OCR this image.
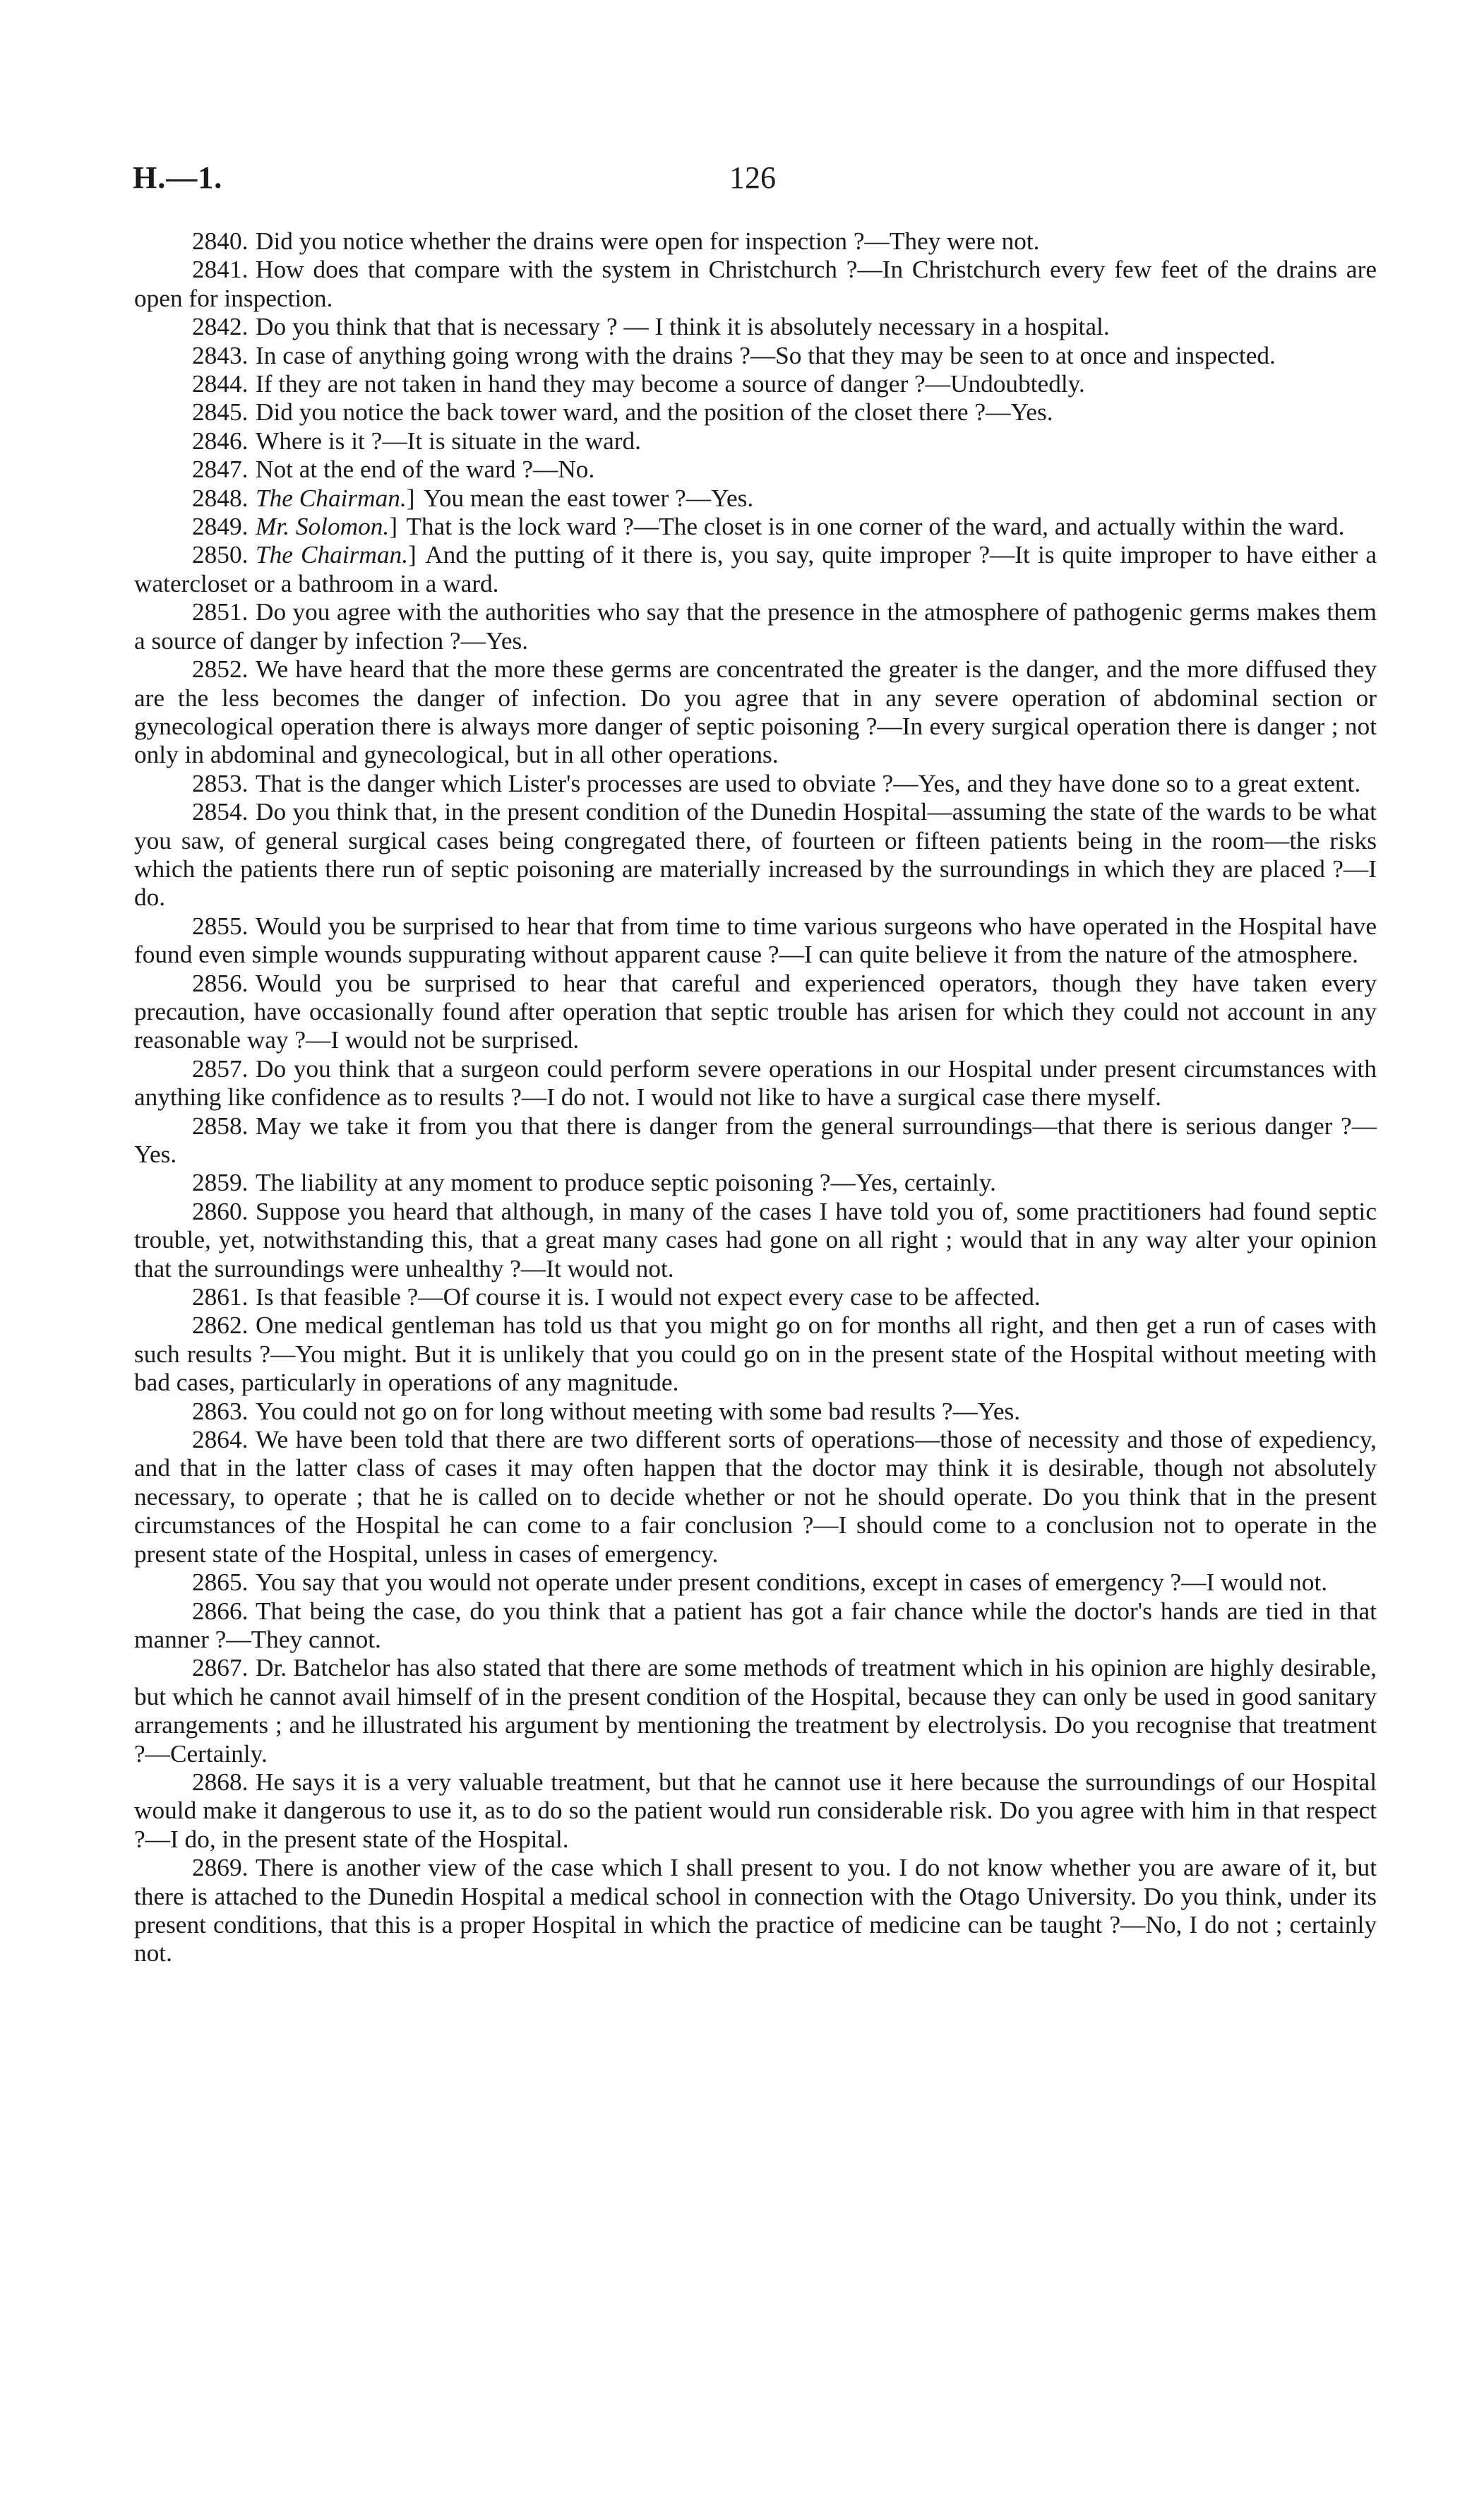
H.—1.	126

2840. Did you notice whether the drains were open for inspection ?—They were not.

2841. How does that compare with the system in Christchurch ?—In Christchurch every few feet of the drains are open for inspection.

2842. Do you think that that is necessary ? — I think it is absolutely necessary in a hospital.

2843. In case of anything going wrong with the drains ?—So that they may be seen to at once and inspected.

2844. If they are not taken in hand they may become a source of danger ?—Undoubtedly.

2845. Did you notice the back tower ward, and the position of the closet there ?—Yes.

2846. Where is it ?—It is situate in the ward.

2847. Not at the end of the ward ?—No.

2848. The Chairman.] You mean the east tower ?—Yes.

2849. Mr. Solomon.] That is the lock ward ?—The closet is in one corner of the ward, and actually within the ward.

2850. The Chairman.] And the putting of it there is, you say, quite improper ?—It is quite improper to have either a watercloset or a bathroom in a ward.

2851. Do you agree with the authorities who say that the presence in the atmosphere of pathogenic germs makes them a source of danger by infection ?—Yes.

2852. We have heard that the more these germs are concentrated the greater is the danger, and the more diffused they are the less becomes the danger of infection. Do you agree that in any severe operation of abdominal section or gynecological operation there is always more danger of septic poisoning ?—In every surgical operation there is danger ; not only in abdominal and gynecological, but in all other operations.

2853. That is the danger which Lister's processes are used to obviate ?—Yes, and they have done so to a great extent.

2854. Do you think that, in the present condition of the Dunedin Hospital—assuming the state of the wards to be what you saw, of general surgical cases being congregated there, of fourteen or fifteen patients being in the room—the risks which the patients there run of septic poisoning are materially increased by the surroundings in which they are placed ?—I do.

2855. Would you be surprised to hear that from time to time various surgeons who have operated in the Hospital have found even simple wounds suppurating without apparent cause ?—I can quite believe it from the nature of the atmosphere.

2856. Would you be surprised to hear that careful and experienced operators, though they have taken every precaution, have occasionally found after operation that septic trouble has arisen for which they could not account in any reasonable way ?—I would not be surprised.

2857. Do you think that a surgeon could perform severe operations in our Hospital under present circumstances with anything like confidence as to results ?—I do not. I would not like to have a surgical case there myself.

2858. May we take it from you that there is danger from the general surroundings—that there is serious danger ?—Yes.

2859. The liability at any moment to produce septic poisoning ?—Yes, certainly.

2860. Suppose you heard that although, in many of the cases I have told you of, some practitioners had found septic trouble, yet, notwithstanding this, that a great many cases had gone on all right ; would that in any way alter your opinion that the surroundings were unhealthy ?—It would not.

2861. Is that feasible ?—Of course it is. I would not expect every case to be affected.

2862. One medical gentleman has told us that you might go on for months all right, and then get a run of cases with such results ?—You might. But it is unlikely that you could go on in the present state of the Hospital without meeting with bad cases, particularly in operations of any magnitude.

2863. You could not go on for long without meeting with some bad results ?—Yes.

2864. We have been told that there are two different sorts of operations—those of necessity and those of expediency, and that in the latter class of cases it may often happen that the doctor may think it is desirable, though not absolutely necessary, to operate ; that he is called on to decide whether or not he should operate. Do you think that in the present circumstances of the Hospital he can come to a fair conclusion ?—I should come to a conclusion not to operate in the present state of the Hospital, unless in cases of emergency.

2865. You say that you would not operate under present conditions, except in cases of emergency ?—I would not.

2866. That being the case, do you think that a patient has got a fair chance while the doctor's hands are tied in that manner ?—They cannot.

2867. Dr. Batchelor has also stated that there are some methods of treatment which in his opinion are highly desirable, but which he cannot avail himself of in the present condition of the Hospital, because they can only be used in good sanitary arrangements ; and he illustrated his argument by mentioning the treatment by electrolysis. Do you recognise that treatment ?—Certainly.

2868. He says it is a very valuable treatment, but that he cannot use it here because the surroundings of our Hospital would make it dangerous to use it, as to do so the patient would run considerable risk. Do you agree with him in that respect ?—I do, in the present state of the Hospital.

2869. There is another view of the case which I shall present to you. I do not know whether you are aware of it, but there is attached to the Dunedin Hospital a medical school in connection with the Otago University. Do you think, under its present conditions, that this is a proper Hospital in which the practice of medicine can be taught ?—No, I do not ; certainly not.
